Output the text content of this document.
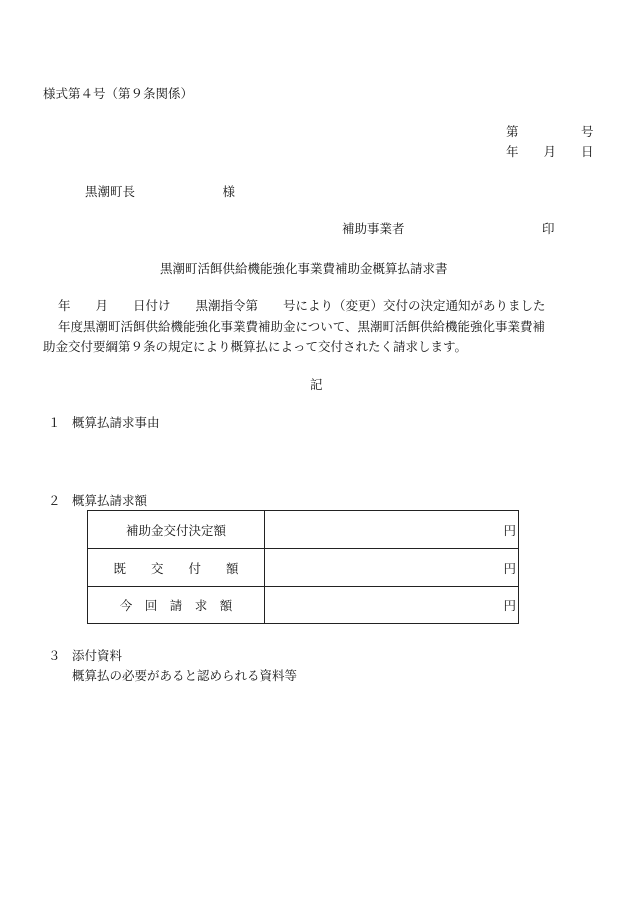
様式第４号（第９条関係）
第　　　　　号
年　　月　　日
黒潮町長　　　　　　　様
補助事業者　　　　　　　　　　　印
黒潮町活餌供給機能強化事業費補助金概算払請求書
年　　月　　日付け　　黒潮指令第　　号により（変更）交付の決定通知がありました
年度黒潮町活餌供給機能強化事業費補助金について、黒潮町活餌供給機能強化事業費補
助金交付要綱第９条の規定により概算払によって交付されたく請求します。
記
１ 概算払請求事由
２ 概算払請求額
補助金交付決定額	円
既　　交　　付　　額	円
今　回　請　求　額	円
３ 添付資料
概算払の必要があると認められる資料等
